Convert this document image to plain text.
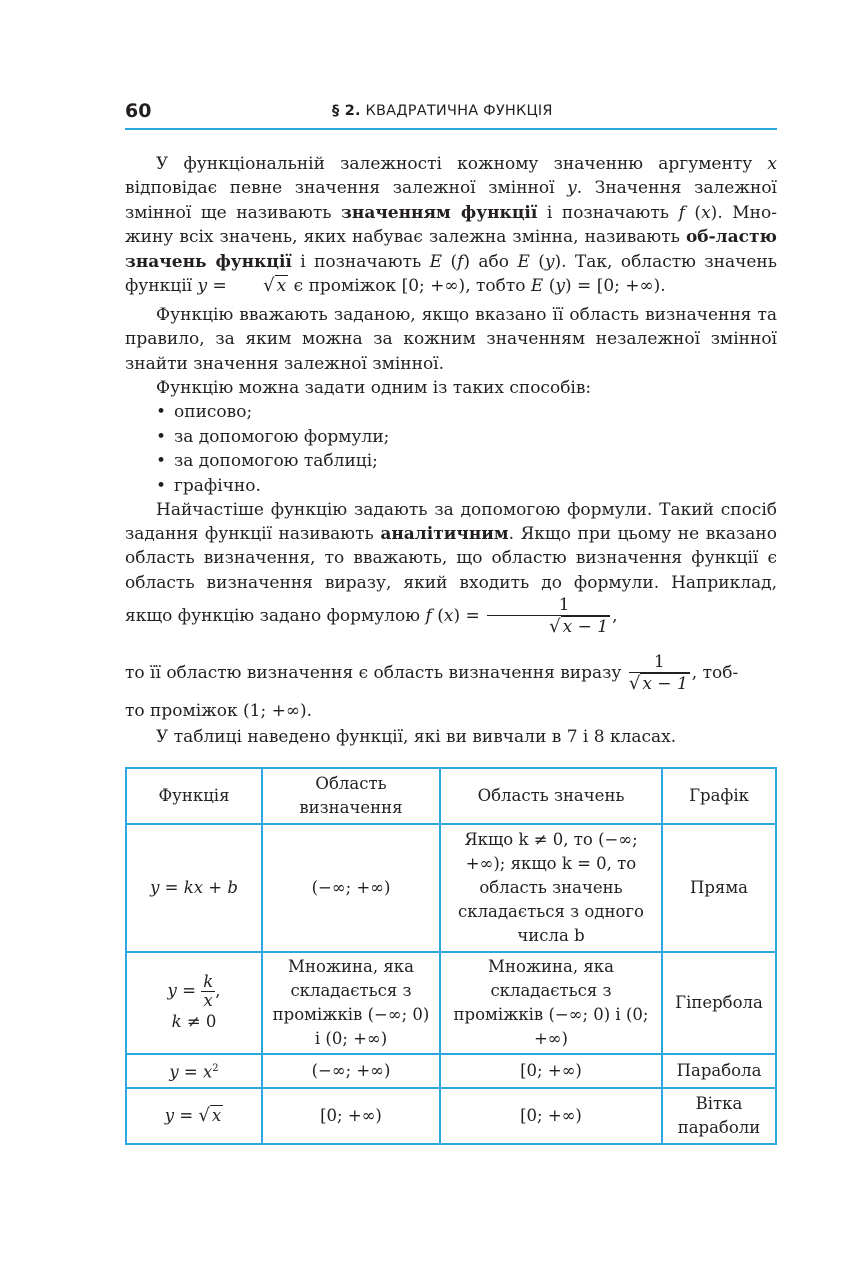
60	§ 2. КВАДРАТИЧНА ФУНКЦІЯ

У функціональній залежності кожному значенню аргументу x відповідає певне значення залежної змінної y. Значення залежної змінної ще називають значенням функції і позначають f (x). Мно- жину всіх значень, яких набуває залежна змінна, називають об-ластю значень функції і позначають E (f) або E (y). Так, областю значень функції y = √ x є проміжок [0; +∞), тобто E (y) = [0; +∞).

Функцію вважають заданою, якщо вказано її область визначення та правило, за яким можна за кожним значенням незалежної змінної знайти значення залежної змінної.

Функцію можна задати одним із таких способів:

• описово;
• за допомогою формули;
• за допомогою таблиці;
• графічно.

Найчастіше функцію задають за допомогою формули. Такий спосіб задання функції називають аналітичним. Якщо при цьому не вказано область визначення, то вважають, що областю визначення функції є область визначення виразу, який входить до формули. Наприклад, якщо функцію задано формулою f $(x) = \frac{1}{√ x - 1}$ ,

то її областю визначення є область визначення виразу $\frac{1}{√ x - 1}$ , тоб-

то проміжок (1; +∞).

У таблиці наведено функції, які ви вивчали в 7 і 8 класах.

Функція	Область визначення	Область значень	Графік
y = kx + b	(−∞; +∞)	Якщо k ≠ 0, то (−∞; +∞); якщо k = 0, то область значень складається з одного числа b	Пряма
$y = \frac{k}{x}$ ,
k ≠ 0	Множина, яка складається з проміжків (−∞; 0) і (0; +∞)	Множина, яка складається з проміжків (−∞; 0) і (0; +∞)	Гіпербола
$y = x^2$	(−∞; +∞)	[0; +∞)	Парабола
y = √ x	[0; +∞)	[0; +∞)	Вітка параболи
